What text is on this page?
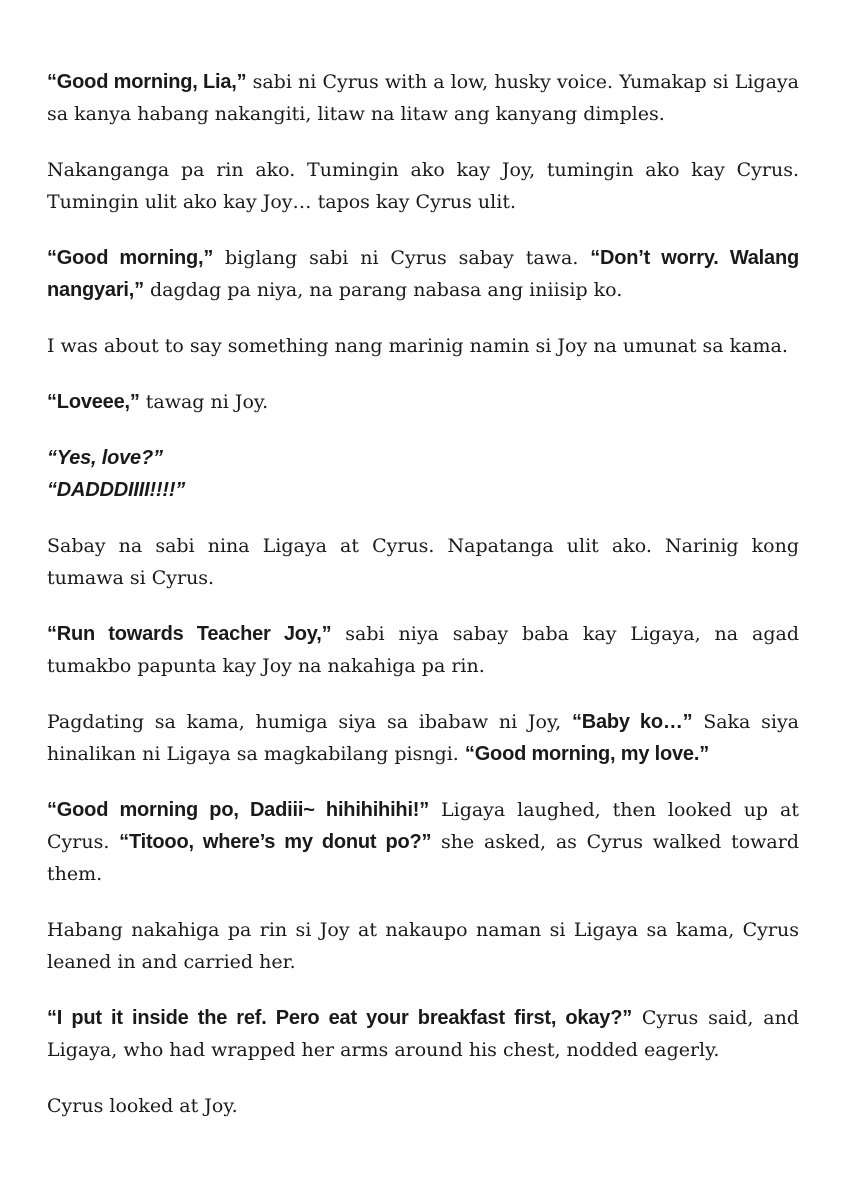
“Good morning, Lia,” sabi ni Cyrus with a low, husky voice. Yumakap si Ligaya sa kanya habang nakangiti, litaw na litaw ang kanyang dimples.

Nakanganga pa rin ako. Tumingin ako kay Joy, tumingin ako kay Cyrus. Tumingin ulit ako kay Joy… tapos kay Cyrus ulit.

“Good morning,” biglang sabi ni Cyrus sabay tawa. “Don’t worry. Walang nangyari,” dagdag pa niya, na parang nabasa ang iniisip ko.

I was about to say something nang marinig namin si Joy na umunat sa kama.

“Loveee,” tawag ni Joy.

“Yes, love?”

“DADDDIIII!!!!”

Sabay na sabi nina Ligaya at Cyrus. Napatanga ulit ako. Narinig kong tumawa si Cyrus.

“Run towards Teacher Joy,” sabi niya sabay baba kay Ligaya, na agad tumakbo papunta kay Joy na nakahiga pa rin.

Pagdating sa kama, humiga siya sa ibabaw ni Joy, “Baby ko…” Saka siya hinalikan ni Ligaya sa magkabilang pisngi. “Good morning, my love.”

“Good morning po, Dadiii~ hihihihihi!” Ligaya laughed, then looked up at Cyrus. “Titooo, where’s my donut po?” she asked, as Cyrus walked toward them.

Habang nakahiga pa rin si Joy at nakaupo naman si Ligaya sa kama, Cyrus leaned in and carried her.

“I put it inside the ref. Pero eat your breakfast first, okay?” Cyrus said, and Ligaya, who had wrapped her arms around his chest, nodded eagerly.

Cyrus looked at Joy.
